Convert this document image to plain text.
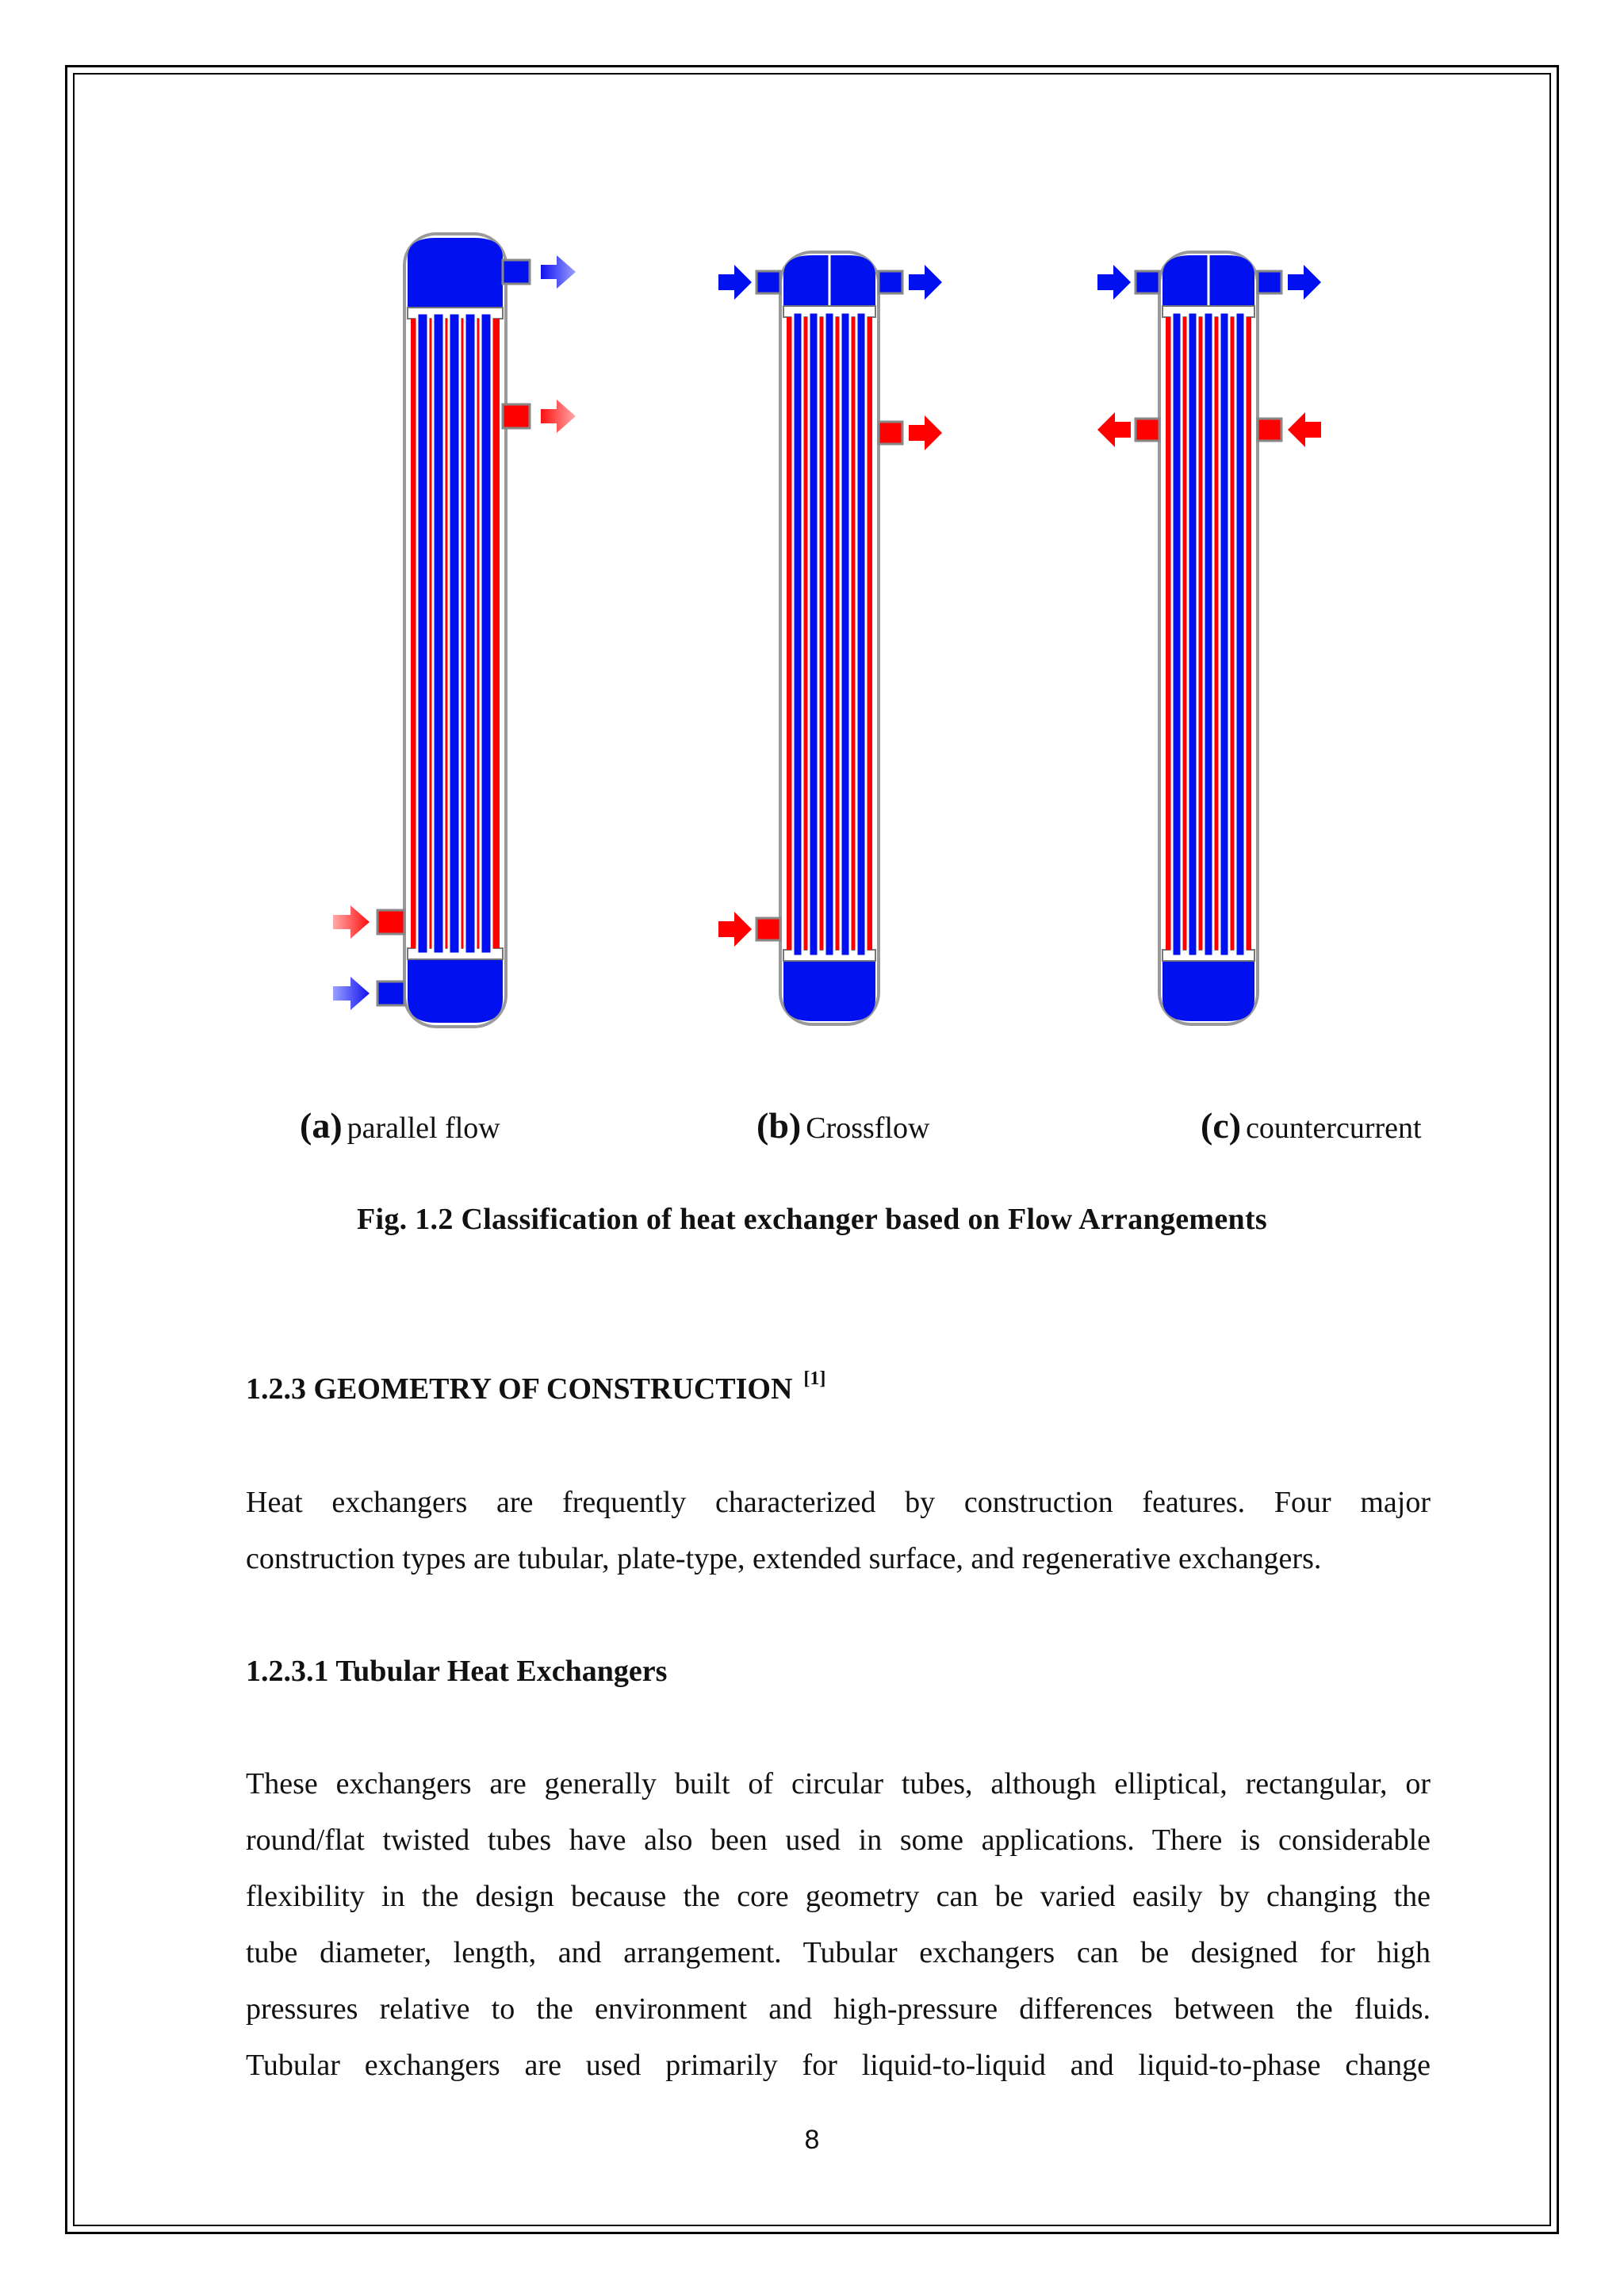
(a) parallel flow	(b) Crossflow	(c) countercurrent
Fig. 1.2 Classification of heat exchanger based on Flow Arrangements
1.2.3 GEOMETRY OF CONSTRUCTION [1]
Heat exchangers are frequently characterized by construction features. Four major
construction types are tubular, plate-type, extended surface, and regenerative exchangers.
1.2.3.1 Tubular Heat Exchangers
These exchangers are generally built of circular tubes, although elliptical, rectangular, or
round/flat twisted tubes have also been used in some applications. There is considerable
flexibility in the design because the core geometry can be varied easily by changing the
tube diameter, length, and arrangement. Tubular exchangers can be designed for high
pressures relative to the environment and high-pressure differences between the fluids.
Tubular exchangers are used primarily for liquid-to-liquid and liquid-to-phase change
8
